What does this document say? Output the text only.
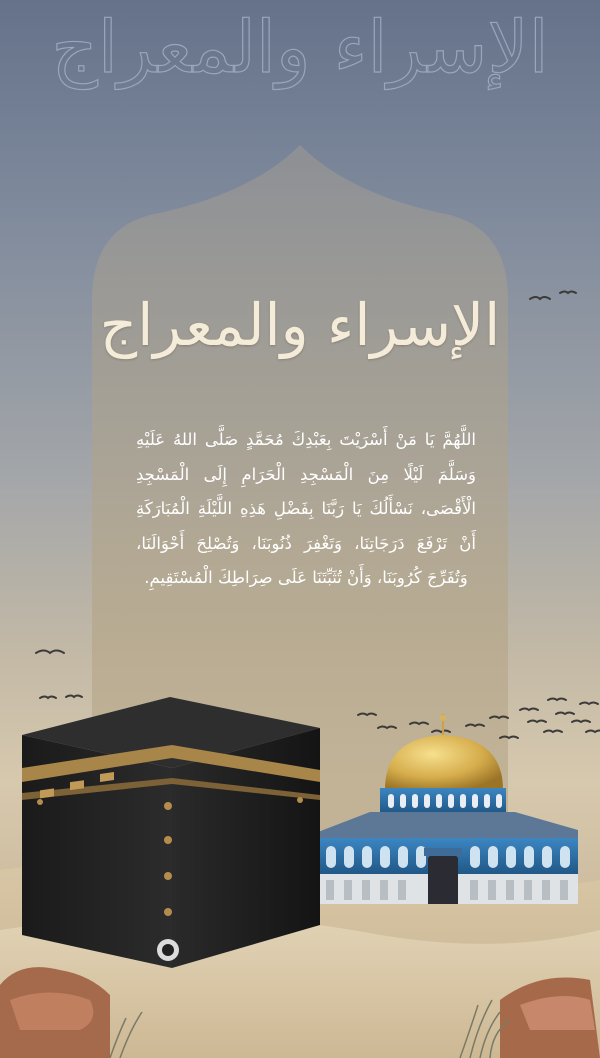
الإسراء والمعراج
الإسراء والمعراج
اللَّهُمَّ يَا مَنْ أَسْرَيْتَ بِعَبْدِكَ مُحَمَّدٍ صَلَّى اللهُ عَلَيْهِ وَسَلَّمَ لَيْلًا مِنَ الْمَسْجِدِ الْحَرَامِ إِلَى الْمَسْجِدِ الْأَقْصَى، نَسْأَلُكَ يَا رَبَّنَا بِفَضْلِ هَذِهِ اللَّيْلَةِ الْمُبَارَكَةِ أَنْ تَرْفَعَ دَرَجَاتِنَا، وَتَغْفِرَ ذُنُوبَنَا، وَتُصْلِحَ أَحْوَالَنَا، وَتُفَرِّجَ كُرُوبَنَا، وَأَنْ تُثَبِّتَنَا عَلَى صِرَاطِكَ الْمُسْتَقِيمِ.
